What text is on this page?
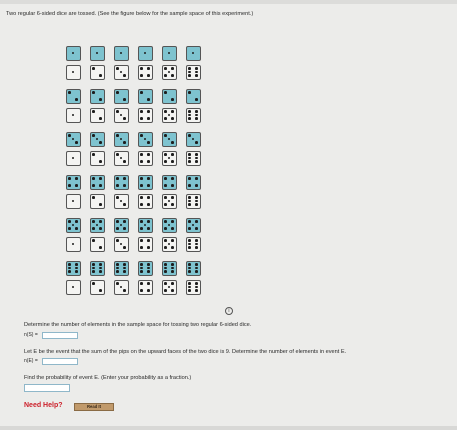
Two regular 6-sided dice are tossed. (See the figure below for the sample space of this experiment.)
i
Determine the number of elements in the sample space for tossing two regular 6-sided dice.
n(S) =
Let E be the event that the sum of the pips on the upward faces of the two dice is 9. Determine the number of elements in event E.
n(E) =
Find the probability of event E. (Enter your probability as a fraction.)
Need Help?	Read It
